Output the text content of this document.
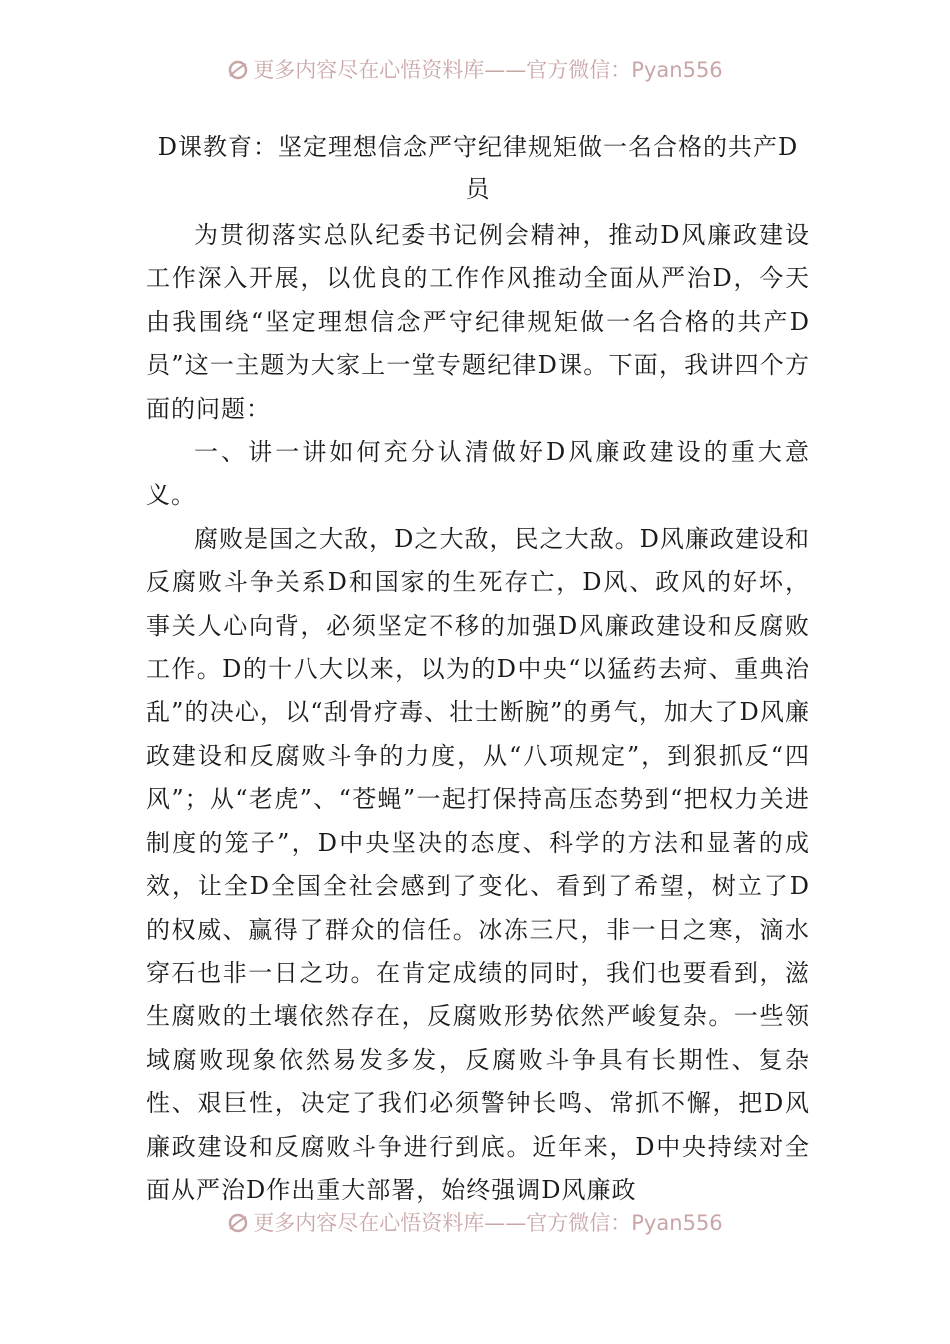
更多内容尽在心悟资料库——官方微信：Pyan556
D课教育：坚定理想信念严守纪律规矩做一名合格的共产D员

为贯彻落实总队纪委书记例会精神，推动D风廉政建设工作深入开展，以优良的工作作风推动全面从严治D，今天由我围绕“坚定理想信念严守纪律规矩做一名合格的共产D员”这一主题为大家上一堂专题纪律D课。下面，我讲四个方面的问题：

一、讲一讲如何充分认清做好D风廉政建设的重大意义。

腐败是国之大敌，D之大敌，民之大敌。D风廉政建设和反腐败斗争关系D和国家的生死存亡，D风、政风的好坏，事关人心向背，必须坚定不移的加强D风廉政建设和反腐败工作。D的十八大以来，以为的D中央“以猛药去疴、重典治乱”的决心，以“刮骨疗毒、壮士断腕”的勇气，加大了D风廉政建设和反腐败斗争的力度，从“八项规定”，到狠抓反“四风”；从“老虎”、“苍蝇”一起打保持高压态势到“把权力关进制度的笼子”，D中央坚决的态度、科学的方法和显著的成效，让全D全国全社会感到了变化、看到了希望，树立了D的权威、赢得了群众的信任。冰冻三尺，非一日之寒，滴水穿石也非一日之功。在肯定成绩的同时，我们也要看到，滋生腐败的土壤依然存在，反腐败形势依然严峻复杂。一些领域腐败现象依然易发多发，反腐败斗争具有长期性、复杂性、艰巨性，决定了我们必须警钟长鸣、常抓不懈，把D风廉政建设和反腐败斗争进行到底。近年来，D中央持续对全面从严治D作出重大部署，始终强调D风廉政

更多内容尽在心悟资料库——官方微信：Pyan556
